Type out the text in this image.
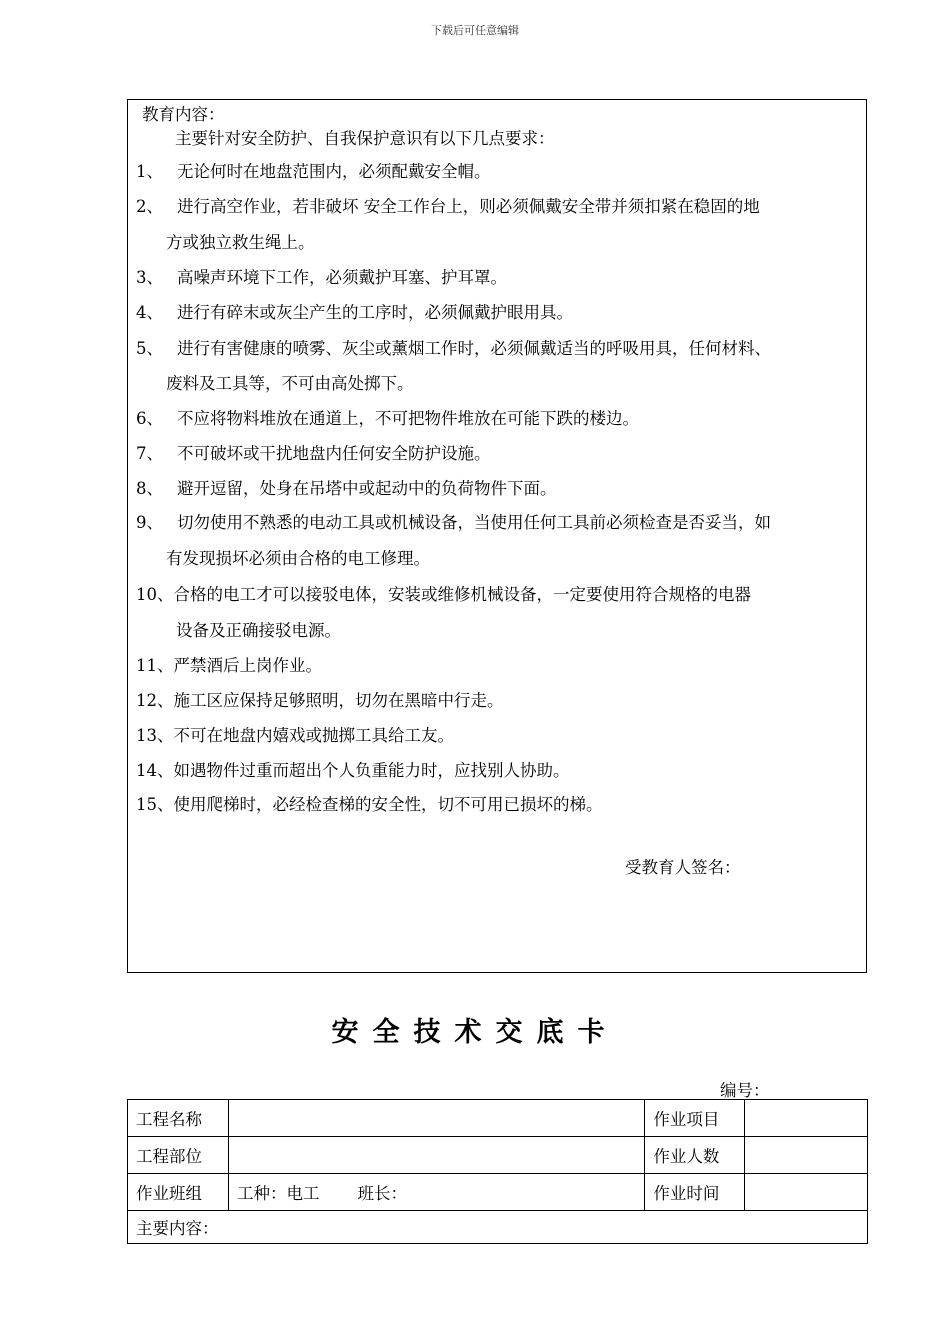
下载后可任意编辑
教育内容：
主要针对安全防护、自我保护意识有以下几点要求：
1、 无论何时在地盘范围内，必须配戴安全帽。
2、 进行高空作业，若非破坏 安全工作台上，则必须佩戴安全带并须扣紧在稳固的地
方或独立救生绳上。
3、 高噪声环境下工作，必须戴护耳塞、护耳罩。
4、 进行有碎末或灰尘产生的工序时，必须佩戴护眼用具。
5、 进行有害健康的喷雾、灰尘或薰烟工作时，必须佩戴适当的呼吸用具，任何材料、
废料及工具等，不可由高处掷下。
6、 不应将物料堆放在通道上，不可把物件堆放在可能下跌的楼边。
7、 不可破坏或干扰地盘内任何安全防护设施。
8、 避开逗留，处身在吊塔中或起动中的负荷物件下面。
9、 切勿使用不熟悉的电动工具或机械设备，当使用任何工具前必须检查是否妥当，如
有发现损坏必须由合格的电工修理。
10、合格的电工才可以接驳电体，安装或维修机械设备，一定要使用符合规格的电器
设备及正确接驳电源。
11、严禁酒后上岗作业。
12、施工区应保持足够照明，切勿在黑暗中行走。
13、不可在地盘内嬉戏或抛掷工具给工友。
14、如遇物件过重而超出个人负重能力时，应找别人协助。
15、使用爬梯时，必经检查梯的安全性，切不可用已损坏的梯。
受教育人签名：
安全技术交底卡
编号：
工程名称		作业项目	
工程部位		作业人数	
作业班组	工种：电工 班长：	作业时间	
主要内容：			
